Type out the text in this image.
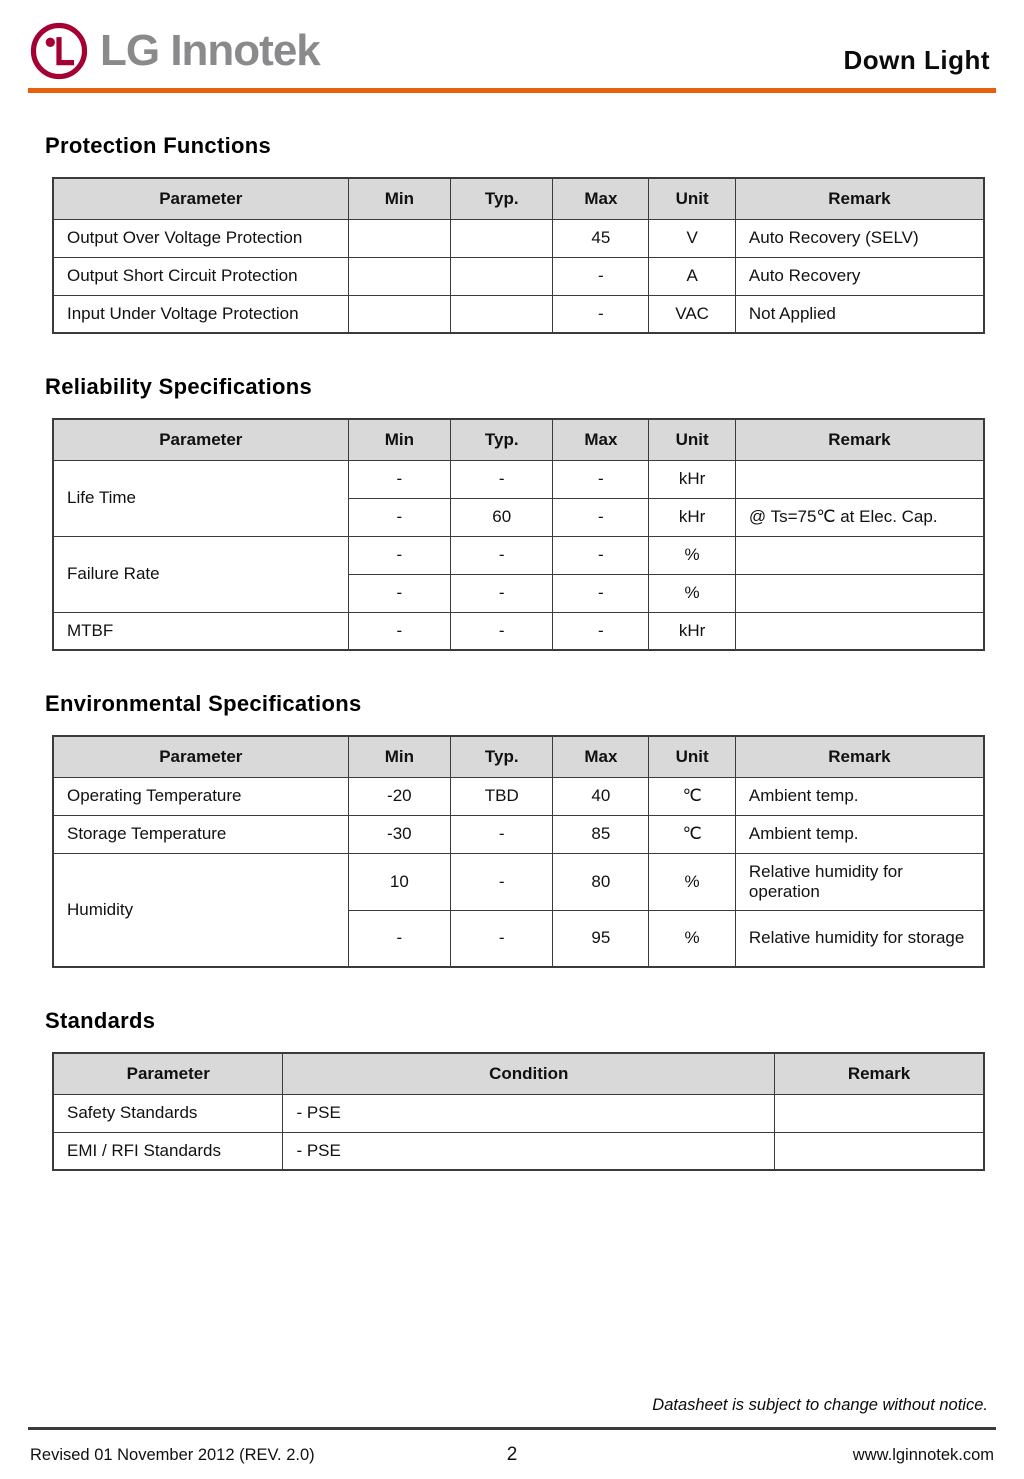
LG Innotek	Down Light
Protection Functions
Parameter	Min	Typ.	Max	Unit	Remark
Output Over Voltage Protection			45	V	Auto Recovery (SELV)
Output Short Circuit Protection			-	A	Auto Recovery
Input Under Voltage Protection			-	VAC	Not Applied
Reliability Specifications
Parameter	Min	Typ.	Max	Unit	Remark
Life Time	-	-	-	kHr	
	-	60	-	kHr	@ Ts=75℃ at Elec. Cap.
Failure Rate	-	-	-	%	
	-	-	-	%	
MTBF	-	-	-	kHr	
Environmental Specifications
Parameter	Min	Typ.	Max	Unit	Remark
Operating Temperature	-20	TBD	40	℃	Ambient temp.
Storage Temperature	-30	-	85	℃	Ambient temp.
Humidity	10	-	80	%	Relative humidity for operation
	-	-	95	%	Relative humidity for storage
Standards
Parameter	Condition	Remark
Safety Standards	- PSE	
EMI / RFI Standards	- PSE	
Datasheet is subject to change without notice.
Revised 01 November 2012 (REV. 2.0)	2	www.lginnotek.com
